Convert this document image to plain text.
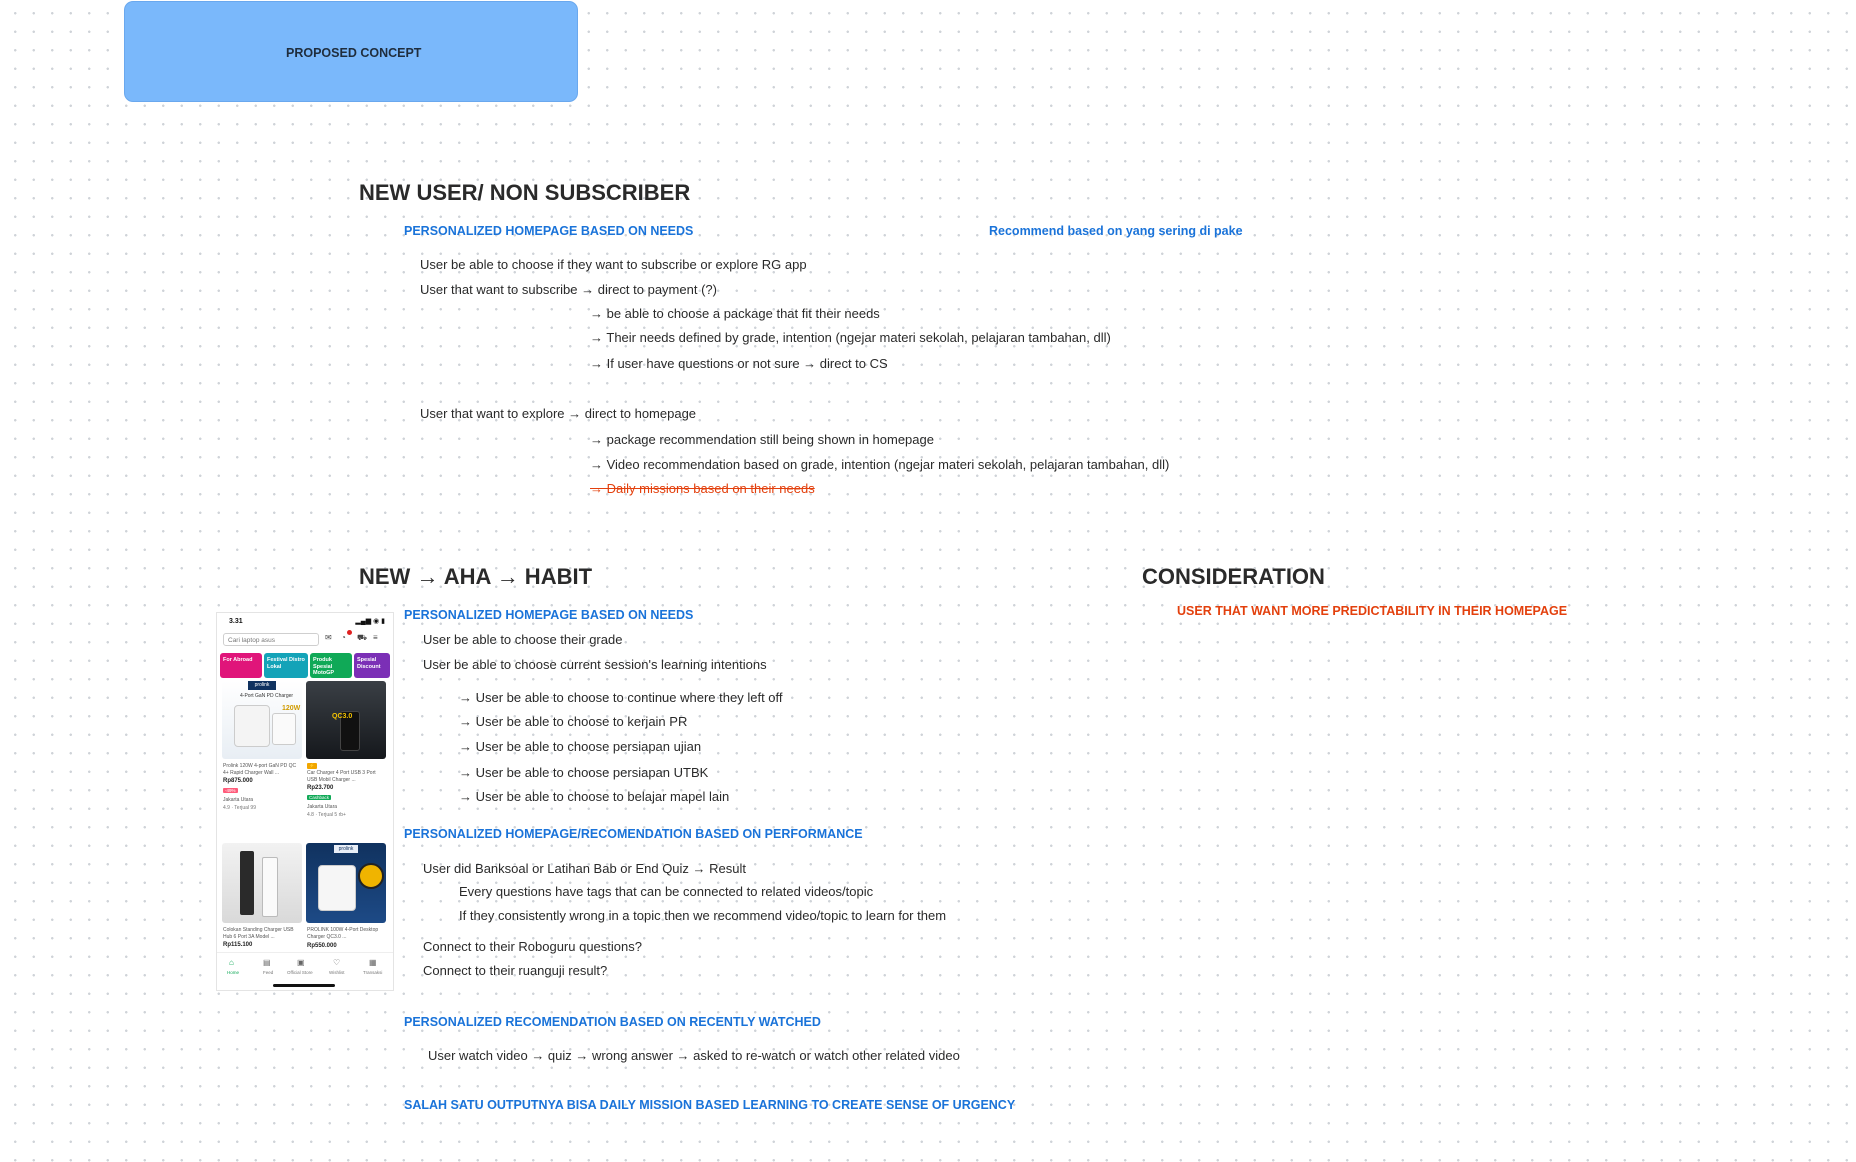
PROPOSED CONCEPT
NEW USER/ NON SUBSCRIBER
PERSONALIZED HOMEPAGE BASED ON NEEDS	Recommend based on yang sering di pake
User be able to choose if they want to subscribe or explore RG app
User that want to subscribe → direct to payment (?)
→ be able to choose a package that fit their needs
→ Their needs defined by grade, intention (ngejar materi sekolah, pelajaran tambahan, dll)
→ If user have questions or not sure → direct to CS
User that want to explore → direct to homepage
→ package recommendation still being shown in homepage
→ Video recommendation based on grade, intention (ngejar materi sekolah, pelajaran tambahan, dll)
→ Daily missions based on their needs
NEW → AHA → HABIT
PERSONALIZED HOMEPAGE BASED ON NEEDS
User be able to choose their grade
User be able to choose current session's learning intentions
→ User be able to choose to continue where they left off
→ User be able to choose to kerjain PR
→ User be able to choose persiapan ujian
→ User be able to choose persiapan UTBK
→ User be able to choose to belajar mapel lain
PERSONALIZED HOMEPAGE/RECOMENDATION BASED ON PERFORMANCE
User did Banksoal or Latihan Bab or End Quiz → Result
Every questions have tags that can be connected to related videos/topic
If they consistently wrong in a topic then we recommend video/topic to learn for them
Connect to their Roboguru questions?
Connect to their ruanguji result?
PERSONALIZED RECOMENDATION BASED ON RECENTLY WATCHED
User watch video → quiz → wrong answer → asked to re-watch or watch other related video
SALAH SATU OUTPUTNYA BISA DAILY MISSION BASED LEARNING TO CREATE SENSE OF URGENCY
CONSIDERATION
USER THAT WANT MORE PREDICTABILITY IN THEIR HOMEPAGE
3.31	▂▄▆ ◉ ▮
Cari laptop asus	✉ ◔ ⛟ ≡
For Abroad	Festival Distro Lokal
Produk Spesial MotoGP
Spesial Discount
prolink
4-Port GaN PD Charger
120W
Prolink 120W 4-port GaN PD QC 4+ Rapid Charger Wall ...
Rp875.000
-49%
Jakarta Utara
4.9 · Terjual 99
QC3.0
⚡
Car Charger 4 Port USB 3 Port USB Mobil Charger ...
Rp23.700
Cashback
Jakarta Utara
4.8 · Terjual 5 rb+
Colokan Standing Charger USB Hub 6 Port 3A Model ...
Rp115.100
prolink
PROLINK 100W 4-Port Desktop Charger QC3.0 ...
Rp550.000
⌂
Home
▤
Feed
▣
Official Store
♡
Wishlist
▦
Transaksi
